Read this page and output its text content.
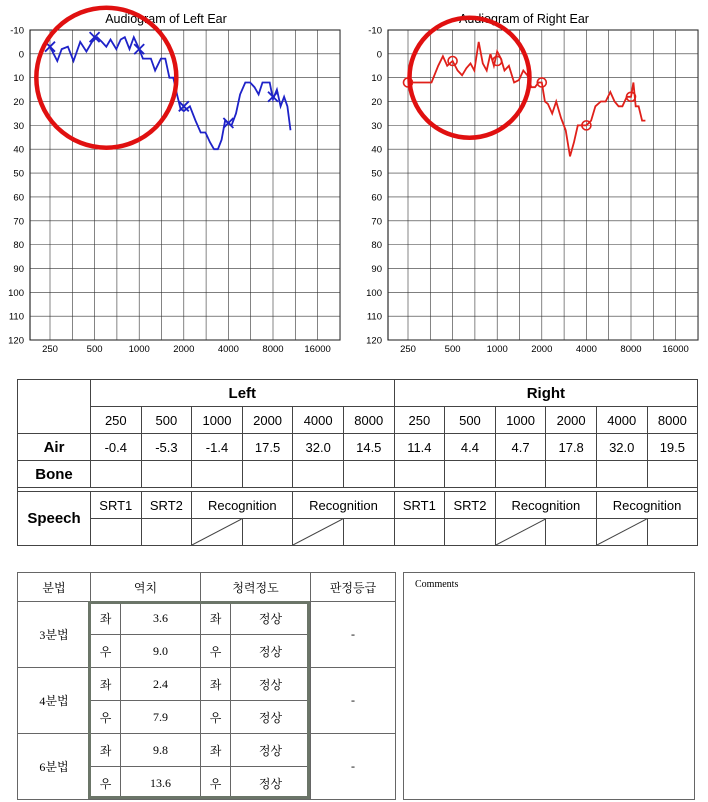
Audiogram of Left Ear
-10
0
10
20
30
40
50
60
70
80
90
100
110
120
250	500	1000 2000 4000 8000 16000
Audiogram of Right Ear
-10
0
10
20
30
40
50
60
70
80
90
100
110
120
250	500	1000 2000 4000 8000 16000
	Left						Right					
	250	500	1000	2000	4000	8000	250	500	1000	2000	4000	8000
Air	-0.4	-5.3	-1.4	17.5	32.0	14.5	11.4	4.4	4.7	17.8	32.0	19.5
Bone												

Speech	SRT1	SRT2	Recognition		Recognition		SRT1	SRT2	Recognition		Recognition	

분법	역치		청력정도		판정등급
3분법	좌	3.6	좌	정상	-
	우	9.0	우	정상	
4분법	좌	2.4	좌	정상	-
	우	7.9	우	정상	
6분법	좌	9.8	좌	정상	-
	우	13.6	우	정상	
Comments
